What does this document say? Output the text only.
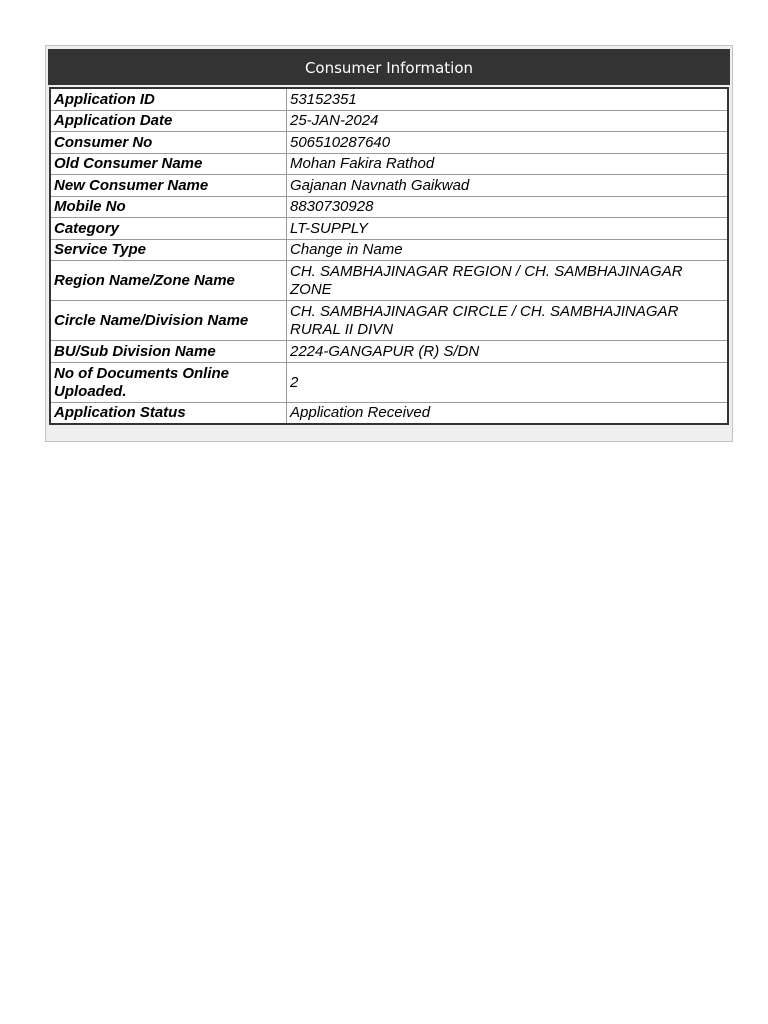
Consumer Information
Application ID	53152351
Application Date	25-JAN-2024
Consumer No	506510287640
Old Consumer Name	Mohan Fakira Rathod
New Consumer Name	Gajanan Navnath Gaikwad
Mobile No	8830730928
Category	LT-SUPPLY
Service Type	Change in Name
Region Name/Zone Name	CH. SAMBHAJINAGAR REGION / CH. SAMBHAJINAGAR ZONE
Circle Name/Division Name	CH. SAMBHAJINAGAR CIRCLE / CH. SAMBHAJINAGAR RURAL II DIVN
BU/Sub Division Name	2224-GANGAPUR (R) S/DN
No of Documents Online Uploaded.	2
Application Status	Application Received
